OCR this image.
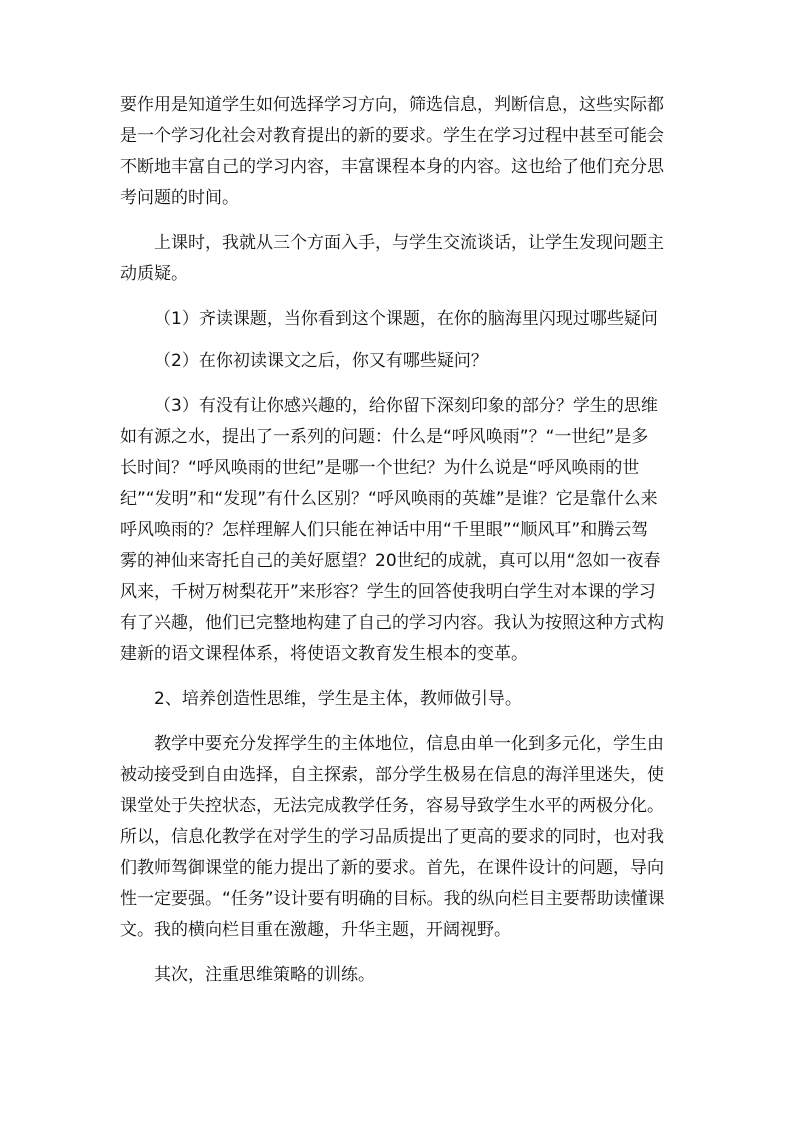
要作用是知道学生如何选择学习方向，筛选信息，判断信息，这些实际都是一个学习化社会对教育提出的新的要求。学生在学习过程中甚至可能会不断地丰富自己的学习内容，丰富课程本身的内容。这也给了他们充分思考问题的时间。

上课时，我就从三个方面入手，与学生交流谈话，让学生发现问题主动质疑。

（1）齐读课题，当你看到这个课题，在你的脑海里闪现过哪些疑问

（2）在你初读课文之后，你又有哪些疑问？

（3）有没有让你感兴趣的，给你留下深刻印象的部分？学生的思维如有源之水，提出了一系列的问题：什么是“呼风唤雨”？“一世纪”是多长时间？“呼风唤雨的世纪”是哪一个世纪？为什么说是“呼风唤雨的世纪”“发明”和“发现”有什么区别？“呼风唤雨的英雄”是谁？它是靠什么来呼风唤雨的？怎样理解人们只能在神话中用“千里眼”“顺风耳”和腾云驾雾的神仙来寄托自己的美好愿望？20世纪的成就，真可以用“忽如一夜春风来，千树万树梨花开”来形容？学生的回答使我明白学生对本课的学习有了兴趣，他们已完整地构建了自己的学习内容。我认为按照这种方式构建新的语文课程体系，将使语文教育发生根本的变革。

2、培养创造性思维，学生是主体，教师做引导。

教学中要充分发挥学生的主体地位，信息由单一化到多元化，学生由被动接受到自由选择，自主探索，部分学生极易在信息的海洋里迷失，使课堂处于失控状态，无法完成教学任务，容易导致学生水平的两极分化。所以，信息化教学在对学生的学习品质提出了更高的要求的同时，也对我们教师驾御课堂的能力提出了新的要求。首先，在课件设计的问题，导向性一定要强。“任务”设计要有明确的目标。我的纵向栏目主要帮助读懂课文。我的横向栏目重在激趣，升华主题，开阔视野。

其次，注重思维策略的训练。
